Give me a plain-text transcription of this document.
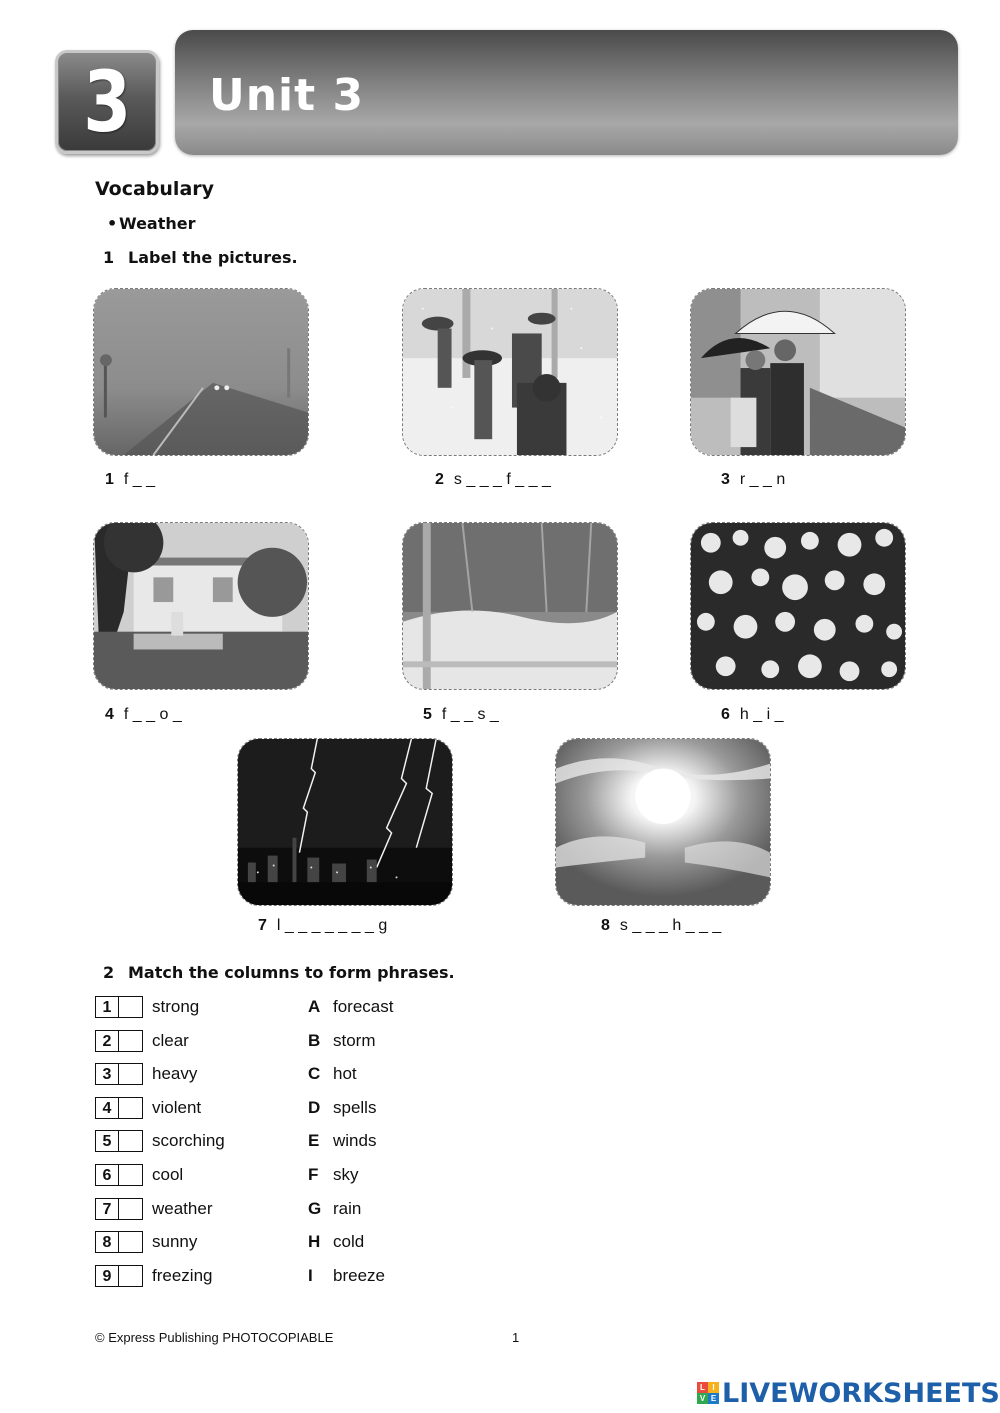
3 Unit 3
Vocabulary
• Weather
1 Label the pictures.
1 f _ _	2 s _ _ _ f _ _ _	3 r _ _ n
4 f _ _ o _	5 f _ _ s _	6 h _ i _
7 l _ _ _ _ _ _ _ g	8 s _ _ _ h _ _ _
2 Match the columns to form phrases.
1	strong	A forecast
2	clear	B storm
3	heavy	C hot
4	violent	D spells
5	scorching	E winds
6	cool	F sky
7	weather	G rain
8	sunny	H cold
9	freezing	I breeze
© Express Publishing PHOTOCOPIABLE	1
L I
V E LIVEWORKSHEETS
